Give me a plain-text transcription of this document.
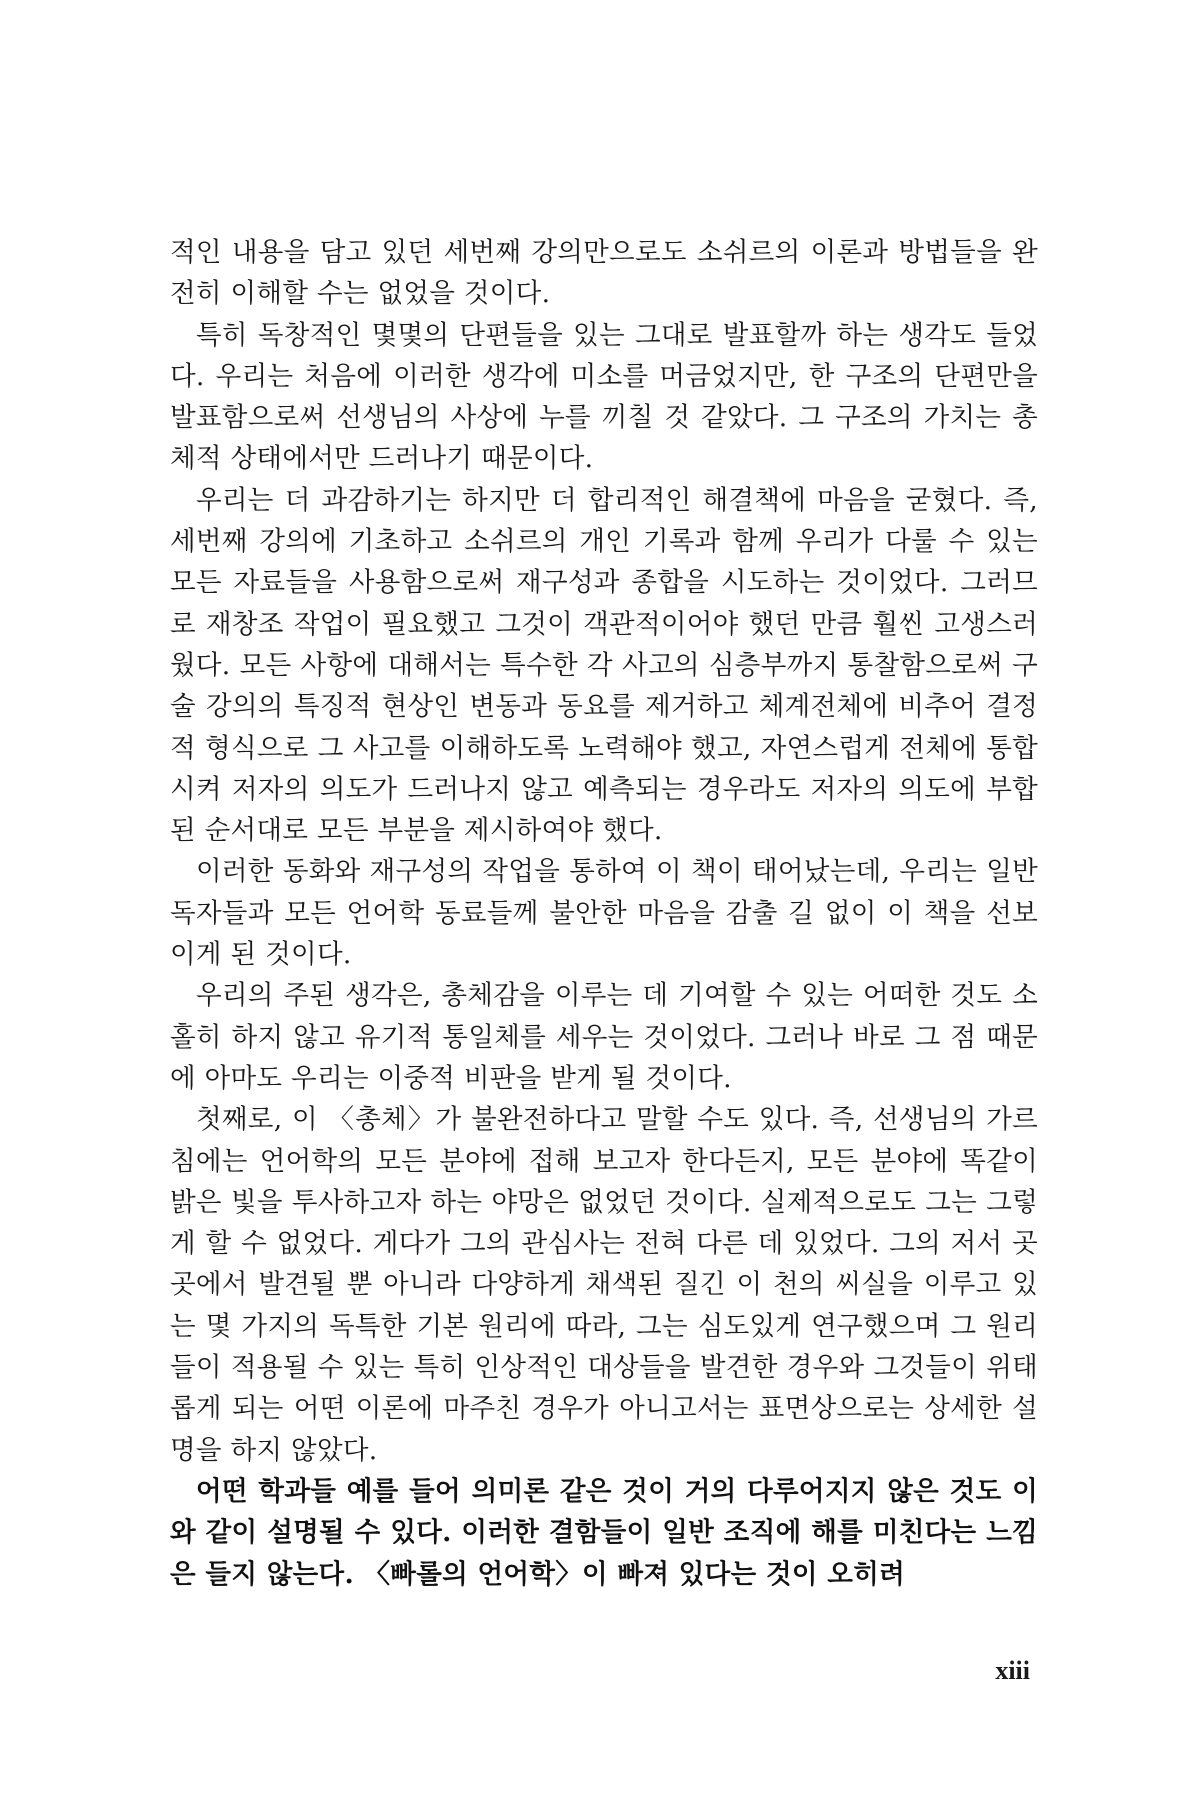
적인 내용을 담고 있던 세번째 강의만으로도 소쉬르의 이론과 방법들을 완전히 이해할 수는 없었을 것이다.

특히 독창적인 몇몇의 단편들을 있는 그대로 발표할까 하는 생각도 들었다. 우리는 처음에 이러한 생각에 미소를 머금었지만, 한 구조의 단편만을 발표함으로써 선생님의 사상에 누를 끼칠 것 같았다. 그 구조의 가치는 총체적 상태에서만 드러나기 때문이다.

우리는 더 과감하기는 하지만 더 합리적인 해결책에 마음을 굳혔다. 즉, 세번째 강의에 기초하고 소쉬르의 개인 기록과 함께 우리가 다룰 수 있는 모든 자료들을 사용함으로써 재구성과 종합을 시도하는 것이었다. 그러므로 재창조 작업이 필요했고 그것이 객관적이어야 했던 만큼 훨씬 고생스러웠다. 모든 사항에 대해서는 특수한 각 사고의 심층부까지 통찰함으로써 구술 강의의 특징적 현상인 변동과 동요를 제거하고 체계전체에 비추어 결정적 형식으로 그 사고를 이해하도록 노력해야 했고, 자연스럽게 전체에 통합시켜 저자의 의도가 드러나지 않고 예측되는 경우라도 저자의 의도에 부합된 순서대로 모든 부분을 제시하여야 했다.

이러한 동화와 재구성의 작업을 통하여 이 책이 태어났는데, 우리는 일반 독자들과 모든 언어학 동료들께 불안한 마음을 감출 길 없이 이 책을 선보이게 된 것이다.

우리의 주된 생각은, 총체감을 이루는 데 기여할 수 있는 어떠한 것도 소홀히 하지 않고 유기적 통일체를 세우는 것이었다. 그러나 바로 그 점 때문에 아마도 우리는 이중적 비판을 받게 될 것이다.

첫째로, 이 〈총체〉가 불완전하다고 말할 수도 있다. 즉, 선생님의 가르침에는 언어학의 모든 분야에 접해 보고자 한다든지, 모든 분야에 똑같이 밝은 빛을 투사하고자 하는 야망은 없었던 것이다. 실제적으로도 그는 그렇게 할 수 없었다. 게다가 그의 관심사는 전혀 다른 데 있었다. 그의 저서 곳곳에서 발견될 뿐 아니라 다양하게 채색된 질긴 이 천의 씨실을 이루고 있는 몇 가지의 독특한 기본 원리에 따라, 그는 심도있게 연구했으며 그 원리들이 적용될 수 있는 특히 인상적인 대상들을 발견한 경우와 그것들이 위태롭게 되는 어떤 이론에 마주친 경우가 아니고서는 표면상으로는 상세한 설명을 하지 않았다.

어떤 학과들 예를 들어 의미론 같은 것이 거의 다루어지지 않은 것도 이와 같이 설명될 수 있다. 이러한 결함들이 일반 조직에 해를 미친다는 느낌은 들지 않는다. 〈빠롤의 언어학〉이 빠져 있다는 것이 오히려

xiii
